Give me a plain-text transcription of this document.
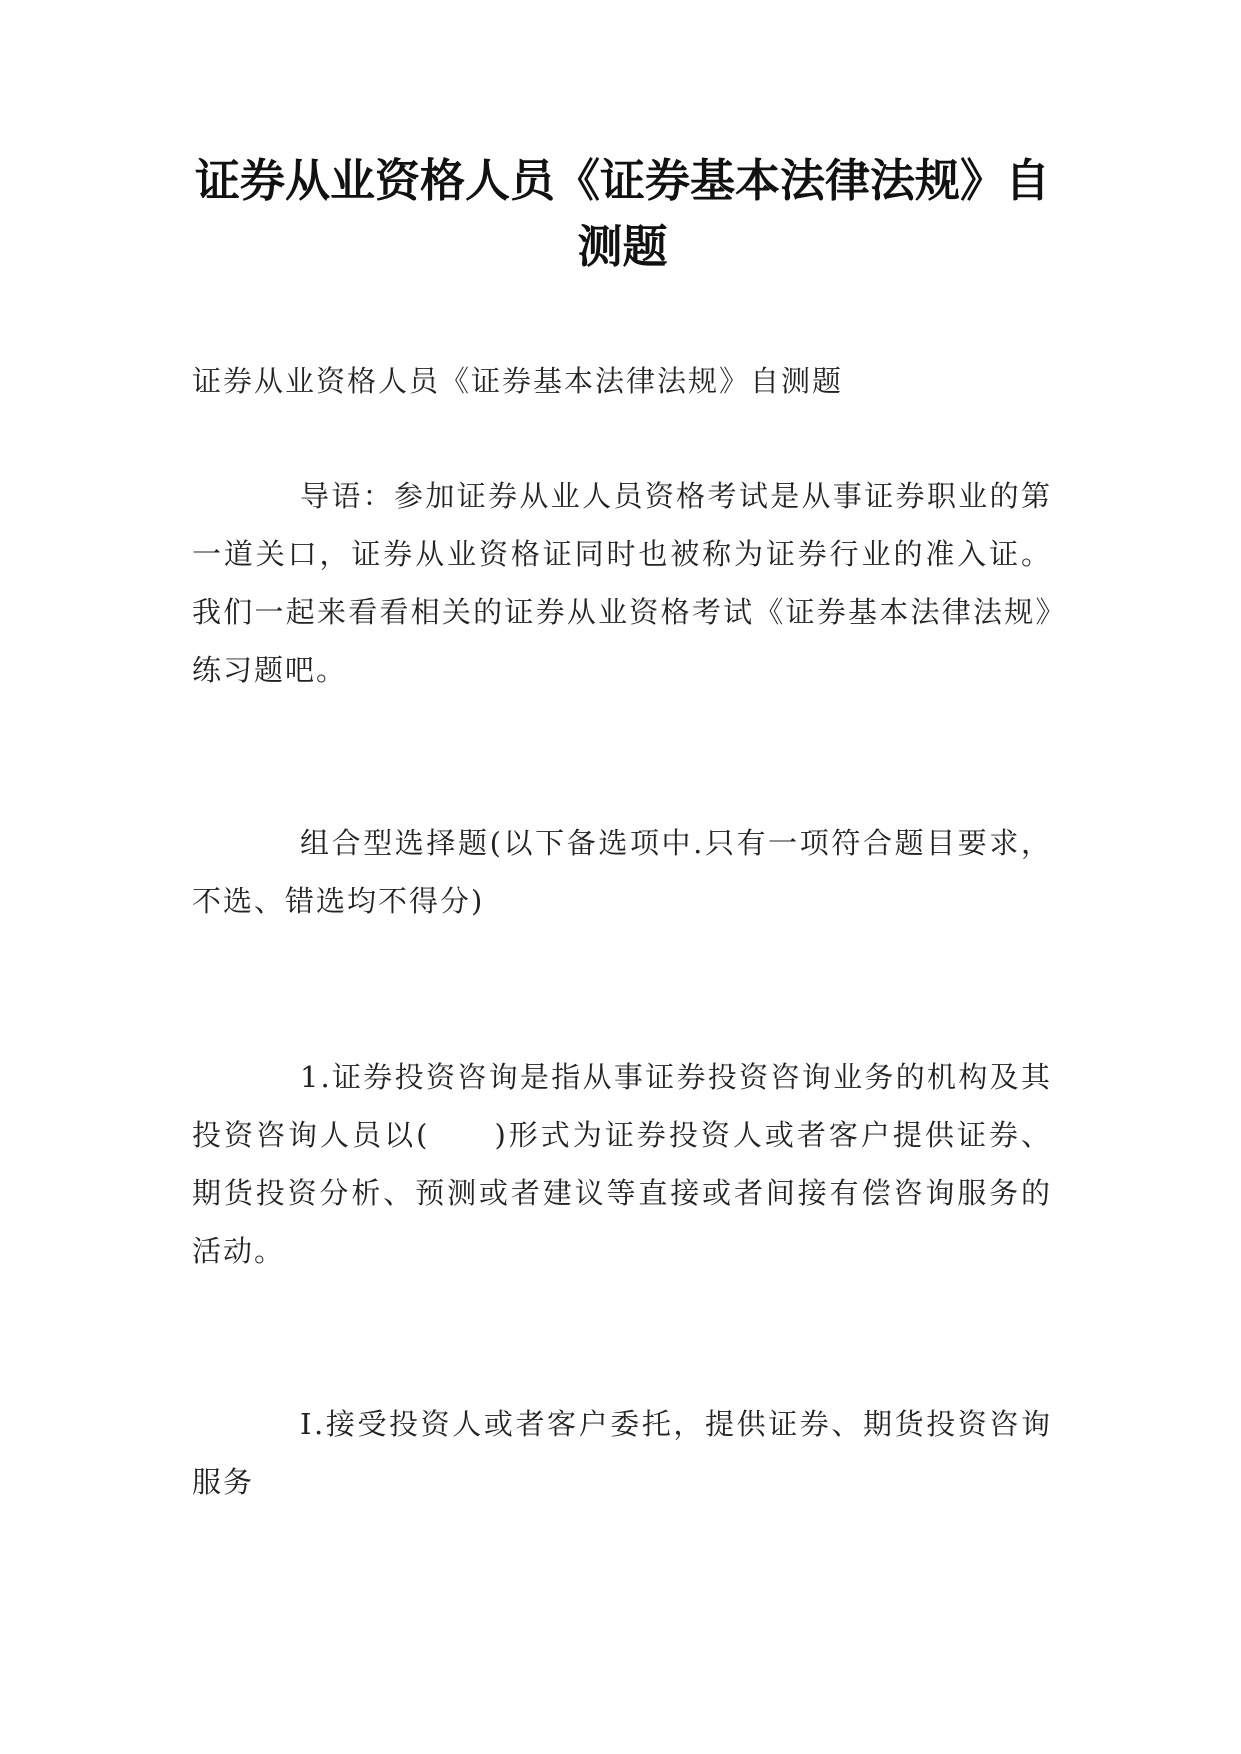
证券从业资格人员《证券基本法律法规》自测题

证券从业资格人员《证券基本法律法规》自测题

导语：参加证券从业人员资格考试是从事证券职业的第一道关口，证券从业资格证同时也被称为证券行业的准入证。我们一起来看看相关的证券从业资格考试《证券基本法律法规》练习题吧。

组合型选择题(以下备选项中.只有一项符合题目要求，不选、错选均不得分)

1.证券投资咨询是指从事证券投资咨询业务的机构及其投资咨询人员以(　　)形式为证券投资人或者客户提供证券、期货投资分析、预测或者建议等直接或者间接有偿咨询服务的活动。

Ⅰ.接受投资人或者客户委托，提供证券、期货投资咨询服务
